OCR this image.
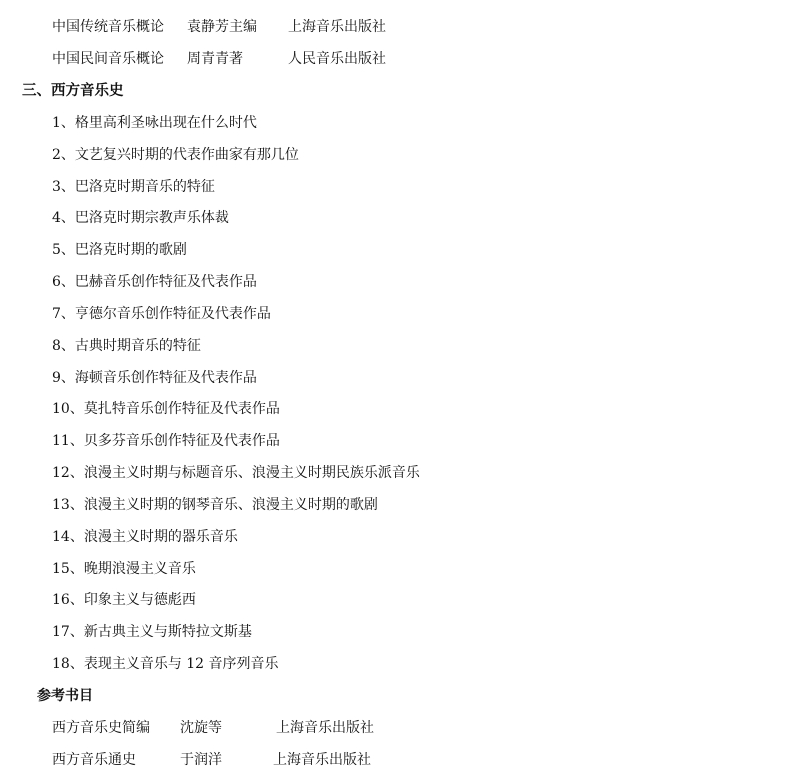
中国传统音乐概论 袁静芳主编 上海音乐出版社
中国民间音乐概论 周青青著	人民音乐出版社
三、西方音乐史
1、格里高利圣咏出现在什么时代
2、文艺复兴时期的代表作曲家有那几位
3、巴洛克时期音乐的特征
4、巴洛克时期宗教声乐体裁
5、巴洛克时期的歌剧
6、巴赫音乐创作特征及代表作品
7、亨德尔音乐创作特征及代表作品
8、古典时期音乐的特征
9、海顿音乐创作特征及代表作品
10、莫扎特音乐创作特征及代表作品
11、贝多芬音乐创作特征及代表作品
12、浪漫主义时期与标题音乐、浪漫主义时期民族乐派音乐
13、浪漫主义时期的钢琴音乐、浪漫主义时期的歌剧
14、浪漫主义时期的器乐音乐
15、晚期浪漫主义音乐
16、印象主义与德彪西
17、新古典主义与斯特拉文斯基
18、表现主义音乐与 12 音序列音乐
参考书目
西方音乐史简编 沈旋等	上海音乐出版社
西方音乐通史	于润洋	上海音乐出版社
